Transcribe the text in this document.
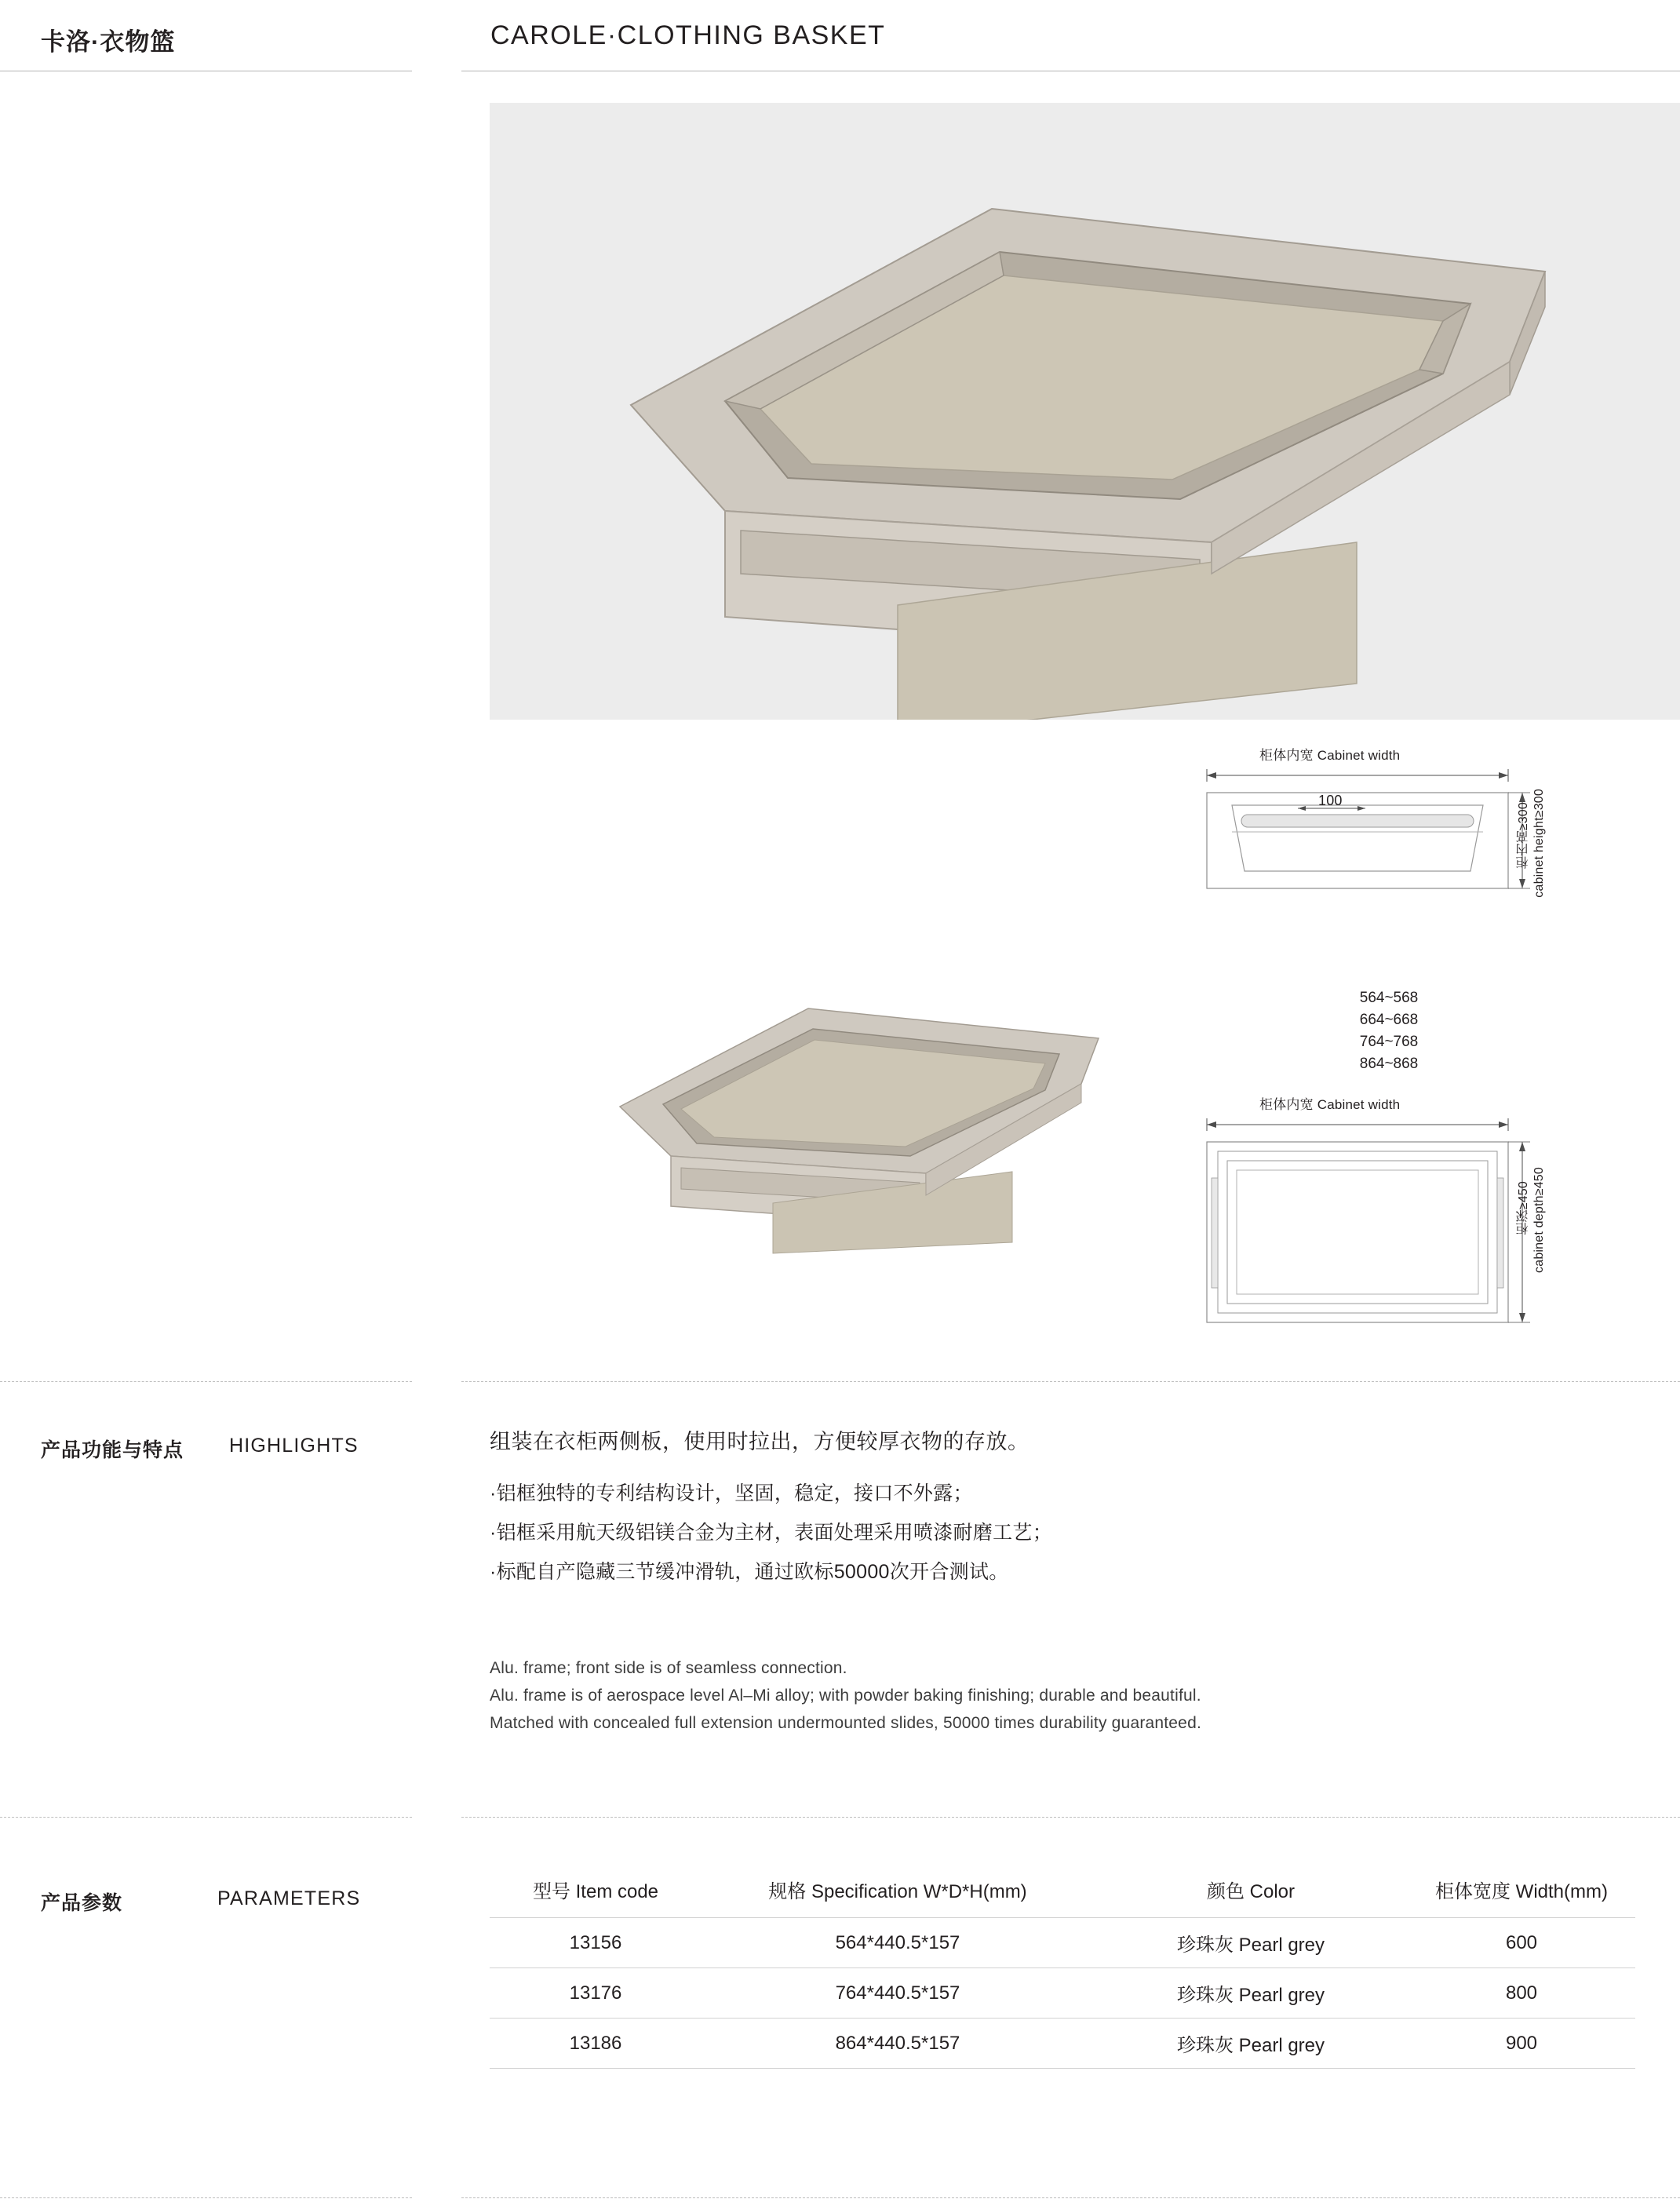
卡洛·衣物篮	CAROLE·CLOTHING BASKET
柜体内宽 Cabinet width
100
柜内高≥300 cabinet height≥300
564~568
664~668
764~768
864~868
柜体内宽 Cabinet width
柜深≥450 cabinet depth≥450
产品功能与特点 HIGHLIGHTS	组装在衣柜两侧板，使用时拉出，方便较厚衣物的存放。
·铝框独特的专利结构设计，坚固，稳定，接口不外露；
·铝框采用航天级铝镁合金为主材，表面处理采用喷漆耐磨工艺；
·标配自产隐藏三节缓冲滑轨，通过欧标50000次开合测试。
Alu. frame; front side is of seamless connection.
Alu. frame is of aerospace level Al–Mi alloy; with powder baking finishing; durable and beautiful.
Matched with concealed full extension undermounted slides, 50000 times durability guaranteed.
产品参数	PARAMETERS	型号 Item code	规格 Specification W*D*H(mm)	颜色 Color	柜体宽度 Width(mm)
13156	564*440.5*157	珍珠灰 Pearl grey	600
13176	764*440.5*157	珍珠灰 Pearl grey	800
13186	864*440.5*157	珍珠灰 Pearl grey	900
